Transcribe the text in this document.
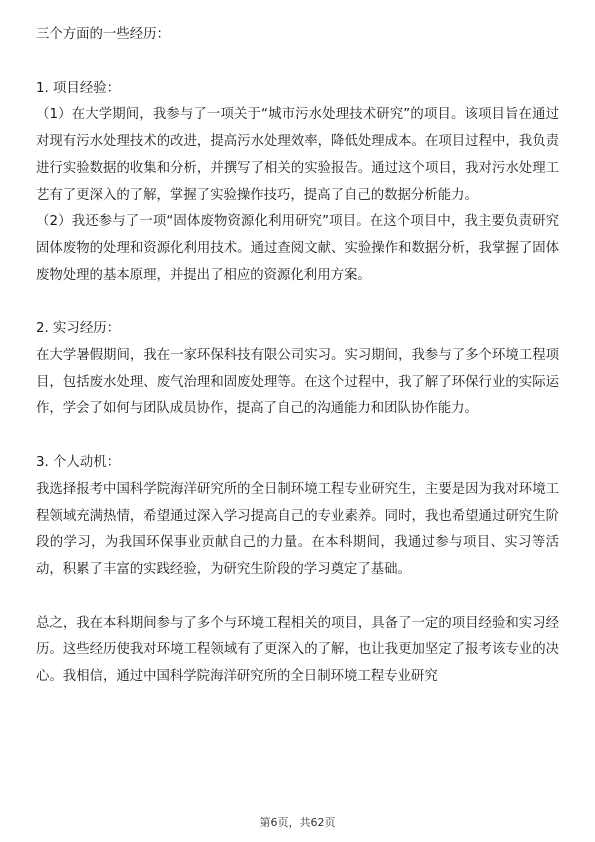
三个方面的一些经历：

1. 项目经验：

（1）在大学期间，我参与了一项关于“城市污水处理技术研究”的项目。该项目旨在通过对现有污水处理技术的改进，提高污水处理效率，降低处理成本。在项目过程中，我负责进行实验数据的收集和分析，并撰写了相关的实验报告。通过这个项目，我对污水处理工艺有了更深入的了解，掌握了实验操作技巧，提高了自己的数据分析能力。

（2）我还参与了一项“固体废物资源化利用研究”项目。在这个项目中，我主要负责研究固体废物的处理和资源化利用技术。通过查阅文献、实验操作和数据分析，我掌握了固体废物处理的基本原理，并提出了相应的资源化利用方案。

2. 实习经历：

在大学暑假期间，我在一家环保科技有限公司实习。实习期间，我参与了多个环境工程项目，包括废水处理、废气治理和固废处理等。在这个过程中，我了解了环保行业的实际运作，学会了如何与团队成员协作，提高了自己的沟通能力和团队协作能力。

3. 个人动机：

我选择报考中国科学院海洋研究所的全日制环境工程专业研究生，主要是因为我对环境工程领域充满热情，希望通过深入学习提高自己的专业素养。同时，我也希望通过研究生阶段的学习，为我国环保事业贡献自己的力量。在本科期间，我通过参与项目、实习等活动，积累了丰富的实践经验，为研究生阶段的学习奠定了基础。

总之，我在本科期间参与了多个与环境工程相关的项目，具备了一定的项目经验和实习经历。这些经历使我对环境工程领域有了更深入的了解，也让我更加坚定了报考该专业的决心。我相信，通过中国科学院海洋研究所的全日制环境工程专业研究

第6页，共62页
